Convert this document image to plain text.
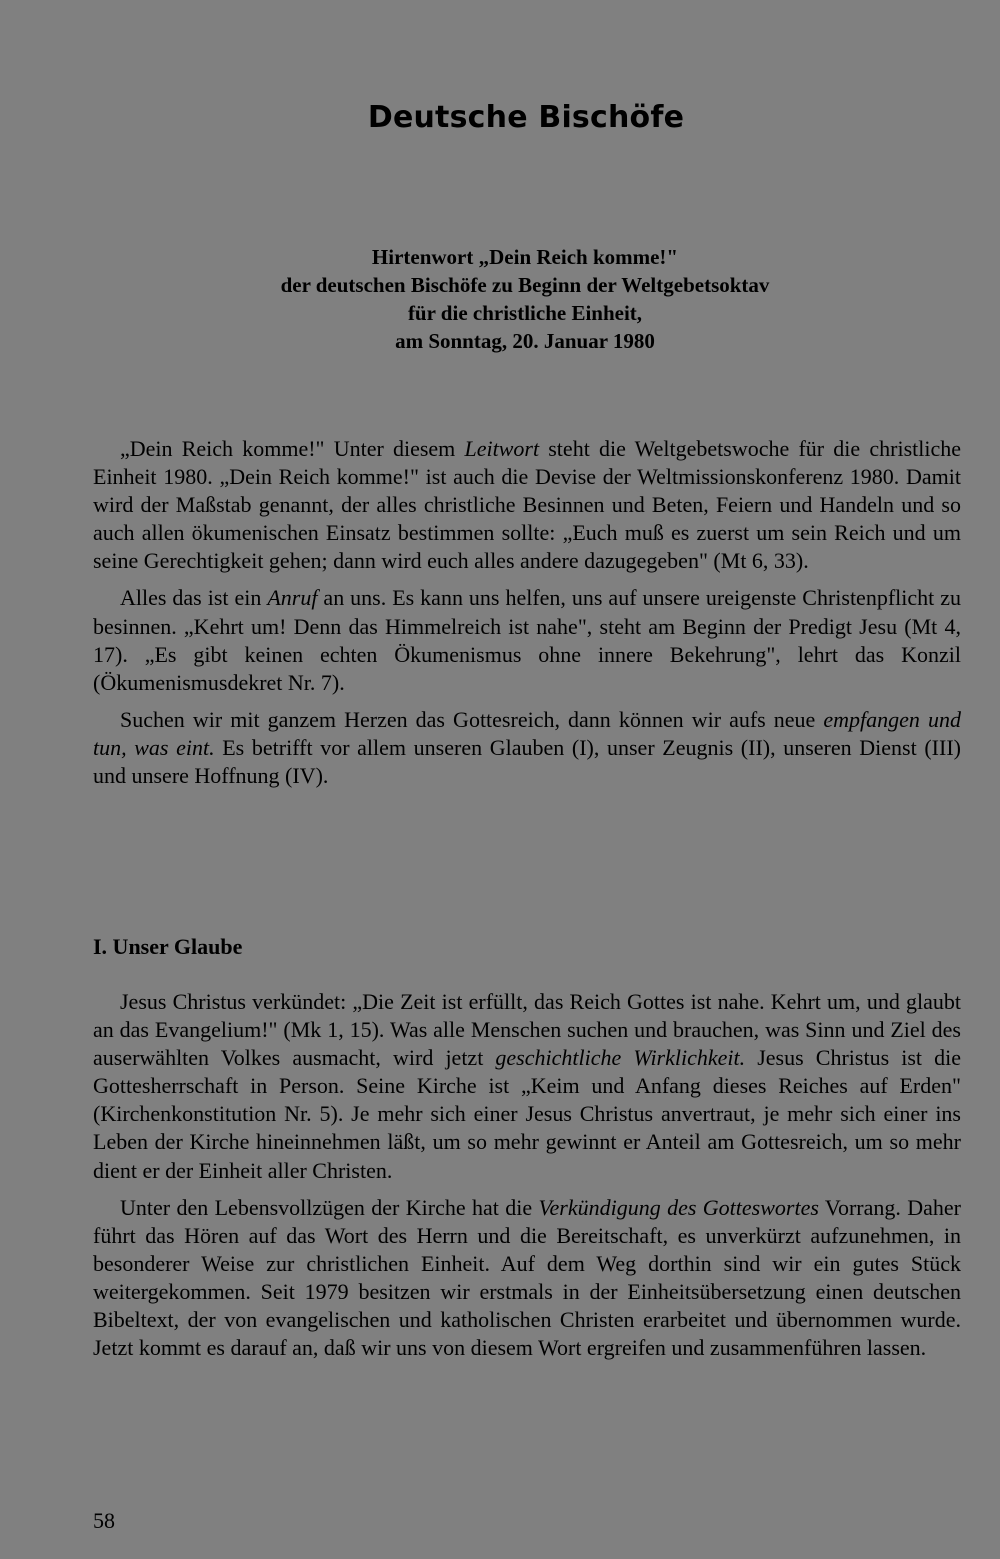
Deutsche Bischöfe
Hirtenwort „Dein Reich komme!"
der deutschen Bischöfe zu Beginn der Weltgebetsoktav
für die christliche Einheit,
am Sonntag, 20. Januar 1980

„Dein Reich komme!" Unter diesem Leitwort steht die Weltgebetswoche für die christliche Einheit 1980. „Dein Reich komme!" ist auch die Devise der Weltmissionskonferenz 1980. Damit wird der Maßstab genannt, der alles christliche Besinnen und Beten, Feiern und Handeln und so auch allen ökumenischen Einsatz bestimmen sollte: „Euch muß es zuerst um sein Reich und um seine Gerechtigkeit gehen; dann wird euch alles andere dazugegeben" (Mt 6, 33).

Alles das ist ein Anruf an uns. Es kann uns helfen, uns auf unsere ureigenste Christenpflicht zu besinnen. „Kehrt um! Denn das Himmelreich ist nahe", steht am Beginn der Predigt Jesu (Mt 4, 17). „Es gibt keinen echten Ökumenismus ohne innere Bekehrung", lehrt das Konzil (Ökumenismusdekret Nr. 7).

Suchen wir mit ganzem Herzen das Gottesreich, dann können wir aufs neue empfangen und tun, was eint. Es betrifft vor allem unseren Glauben (I), unser Zeugnis (II), unseren Dienst (III) und unsere Hoffnung (IV).

I. Unser Glaube

Jesus Christus verkündet: „Die Zeit ist erfüllt, das Reich Gottes ist nahe. Kehrt um, und glaubt an das Evangelium!" (Mk 1, 15). Was alle Menschen suchen und brauchen, was Sinn und Ziel des auserwählten Volkes ausmacht, wird jetzt geschichtliche Wirklichkeit. Jesus Christus ist die Gottesherrschaft in Person. Seine Kirche ist „Keim und Anfang dieses Reiches auf Erden" (Kirchenkonstitution Nr. 5). Je mehr sich einer Jesus Christus anvertraut, je mehr sich einer ins Leben der Kirche hineinnehmen läßt, um so mehr gewinnt er Anteil am Gottesreich, um so mehr dient er der Einheit aller Christen.

Unter den Lebensvollzügen der Kirche hat die Verkündigung des Gotteswortes Vorrang. Daher führt das Hören auf das Wort des Herrn und die Bereitschaft, es unverkürzt aufzunehmen, in besonderer Weise zur christlichen Einheit. Auf dem Weg dorthin sind wir ein gutes Stück weitergekommen. Seit 1979 besitzen wir erstmals in der Einheitsübersetzung einen deutschen Bibeltext, der von evangelischen und katholischen Christen erarbeitet und übernommen wurde. Jetzt kommt es darauf an, daß wir uns von diesem Wort ergreifen und zusammenführen lassen.

58
